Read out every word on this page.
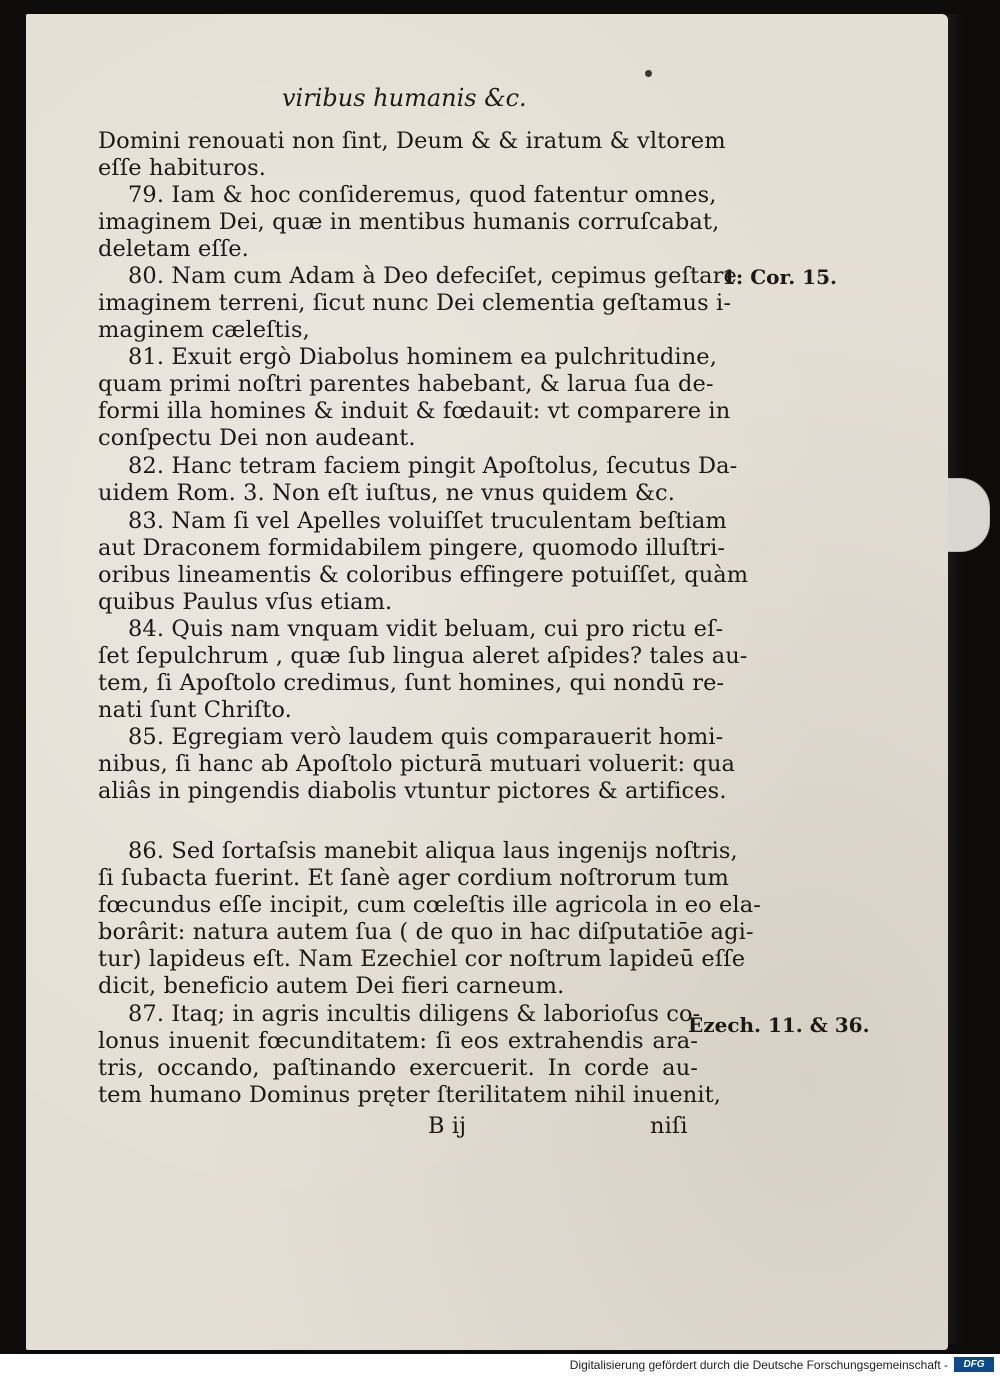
viribus humanis &c.
Domini renouati non ſint, Deum & & iratum & vltorem
eſſe habituros.
79. Iam & hoc conſideremus, quod fatentur omnes,
imaginem Dei, quæ in mentibus humanis corruſcabat,
deletam eſſe.
80. Nam cum Adam à Deo defeciſet, cepimus geſtare
imaginem terreni, ſicut nunc Dei clementia geſtamus i-
maginem cæleſtis,
81. Exuit ergò Diabolus hominem ea pulchritudine,
quam primi noſtri parentes habebant, & larua ſua de-
formi illa homines & induit & fœdauit: vt comparere in
conſpectu Dei non audeant.
82. Hanc tetram faciem pingit Apoſtolus, ſecutus Da-
uidem Rom. 3. Non eſt iuſtus, ne vnus quidem &c.
83. Nam ſi vel Apelles voluiſſet truculentam beſtiam
aut Draconem formidabilem pingere, quomodo illuſtri-
oribus lineamentis & coloribus effingere potuiſſet, quàm
quibus Paulus vſus etiam.
84. Quis nam vnquam vidit beluam, cui pro rictu eſ-
ſet ſepulchrum , quæ ſub lingua aleret aſpides? tales au-
tem, ſi Apoſtolo credimus, ſunt homines, qui nondū re-
nati ſunt Chriſto.
85. Egregiam verò laudem quis comparauerit homi-
nibus, ſi hanc ab Apoſtolo picturā mutuari voluerit: qua
aliâs in pingendis diabolis vtuntur pictores & artifices.
86. Sed ſortaſsis manebit aliqua laus ingenijs noſtris,
ſi ſubacta fuerint. Et ſanè ager cordium noſtrorum tum
fœcundus eſſe incipit, cum cœleſtis ille agricola in eo ela-
borârit: natura autem ſua ( de quo in hac diſputatiōe agi-
tur) lapideus eſt. Nam Ezechiel cor noſtrum lapideū eſſe
dicit, beneficio autem Dei fieri carneum.
87. Itaq; in agris incultis diligens & laborioſus co-
lonus inuenit fœcunditatem: ſi eos extrahendis ara-
tris, occando, paſtinando exercuerit. In corde au-
tem humano Dominus pręter ſterilitatem nihil inuenit,
1: Cor. 15.
Ezech. 11. & 36.
B ij	niſi
Digitalisierung gefördert durch die Deutsche Forschungsgemeinschaft -	DFG
